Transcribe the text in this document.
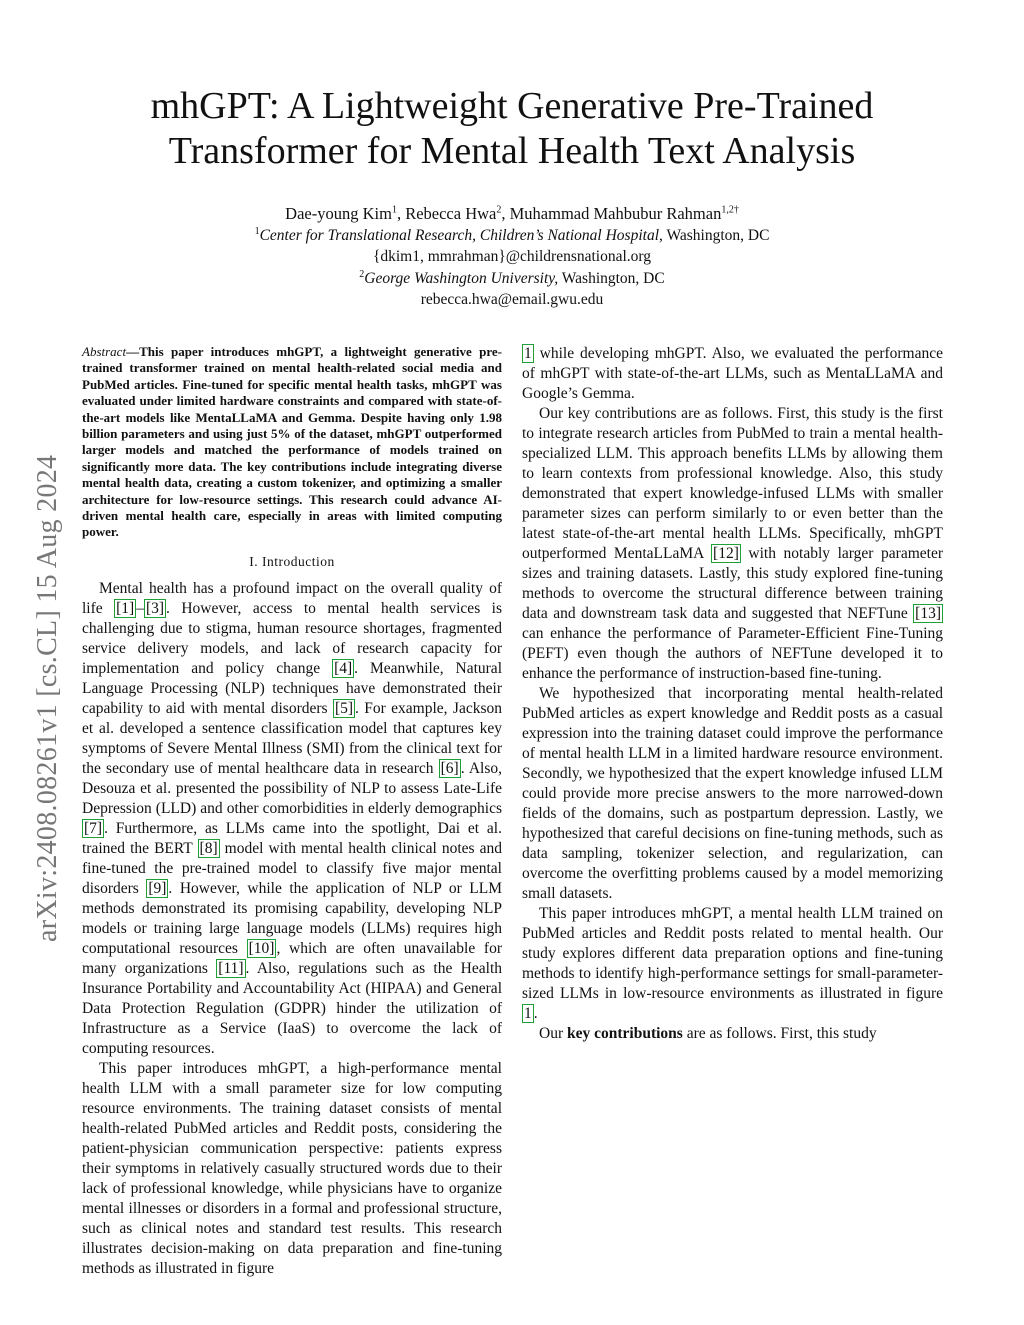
mhGPT: A Lightweight Generative Pre-Trained
Transformer for Mental Health Text Analysis
Dae-young Kim$^1$, Rebecca Hwa$^2$, Muhammad Mahbubur Rahman$^{1,2\dagger}$
$^1$Center for Translational Research, Children’s National Hospital, Washington, DC
{dkim1, mmrahman}@childrensnational.org
$^2$George Washington University, Washington, DC
rebecca.hwa@email.gwu.edu
arXiv:2408.08261v1 [cs.CL] 15 Aug 2024

Abstract—This paper introduces mhGPT, a lightweight generative pre-trained transformer trained on mental health-related social media and PubMed articles. Fine-tuned for specific mental health tasks, mhGPT was evaluated under limited hardware constraints and compared with state-of-the-art models like MentaLLaMA and Gemma. Despite having only 1.98 billion parameters and using just 5% of the dataset, mhGPT outperformed larger models and matched the performance of models trained on significantly more data. The key contributions include integrating diverse mental health data, creating a custom tokenizer, and optimizing a smaller architecture for low-resource settings. This research could advance AI-driven mental health care, especially in areas with limited computing power.

I. Introduction

Mental health has a profound impact on the overall quality of life [1] – [3] . However, access to mental health services is challenging due to stigma, human resource shortages, fragmented service delivery models, and lack of research capacity for implementation and policy change [4] . Meanwhile, Natural Language Processing (NLP) techniques have demonstrated their capability to aid with mental disorders [5] . For example, Jackson et al. developed a sentence classification model that captures key symptoms of Severe Mental Illness (SMI) from the clinical text for the secondary use of mental healthcare data in research [6] . Also, Desouza et al. presented the possibility of NLP to assess Late-Life Depression (LLD) and other comorbidities in elderly demographics [7] . Furthermore, as LLMs came into the spotlight, Dai et al. trained the BERT [8] model with mental health clinical notes and fine-tuned the pre-trained model to classify five major mental disorders [9] . However, while the application of NLP or LLM methods demonstrated its promising capability, developing NLP models or training large language models (LLMs) requires high computational resources [10] , which are often unavailable for many organizations [11] . Also, regulations such as the Health Insurance Portability and Accountability Act (HIPAA) and General Data Protection Regulation (GDPR) hinder the utilization of Infrastructure as a Service (IaaS) to overcome the lack of computing resources.

This paper introduces mhGPT, a high-performance mental health LLM with a small parameter size for low computing resource environments. The training dataset consists of mental health-related PubMed articles and Reddit posts, considering the patient-physician communication perspective: patients express their symptoms in relatively casually structured words due to their lack of professional knowledge, while physicians have to organize mental illnesses or disorders in a formal and professional structure, such as clinical notes and standard test results. This research illustrates decision-making on data preparation and fine-tuning methods as illustrated in figure

1 while developing mhGPT. Also, we evaluated the performance of mhGPT with state-of-the-art LLMs, such as MentaLLaMA and Google’s Gemma.

Our key contributions are as follows. First, this study is the first to integrate research articles from PubMed to train a mental health-specialized LLM. This approach benefits LLMs by allowing them to learn contexts from professional knowledge. Also, this study demonstrated that expert knowledge-infused LLMs with smaller parameter sizes can perform similarly to or even better than the latest state-of-the-art mental health LLMs. Specifically, mhGPT outperformed MentaLLaMA [12] with notably larger parameter sizes and training datasets. Lastly, this study explored fine-tuning methods to overcome the structural difference between training data and downstream task data and suggested that NEFTune [13] can enhance the performance of Parameter-Efficient Fine-Tuning (PEFT) even though the authors of NEFTune developed it to enhance the performance of instruction-based fine-tuning.

We hypothesized that incorporating mental health-related PubMed articles as expert knowledge and Reddit posts as a casual expression into the training dataset could improve the performance of mental health LLM in a limited hardware resource environment. Secondly, we hypothesized that the expert knowledge infused LLM could provide more precise answers to the more narrowed-down fields of the domains, such as postpartum depression. Lastly, we hypothesized that careful decisions on fine-tuning methods, such as data sampling, tokenizer selection, and regularization, can overcome the overfitting problems caused by a model memorizing small datasets.

This paper introduces mhGPT, a mental health LLM trained on PubMed articles and Reddit posts related to mental health. Our study explores different data preparation options and fine-tuning methods to identify high-performance settings for small-parameter-sized LLMs in low-resource environments as illustrated in figure 1 .

Our key contributions are as follows. First, this study
